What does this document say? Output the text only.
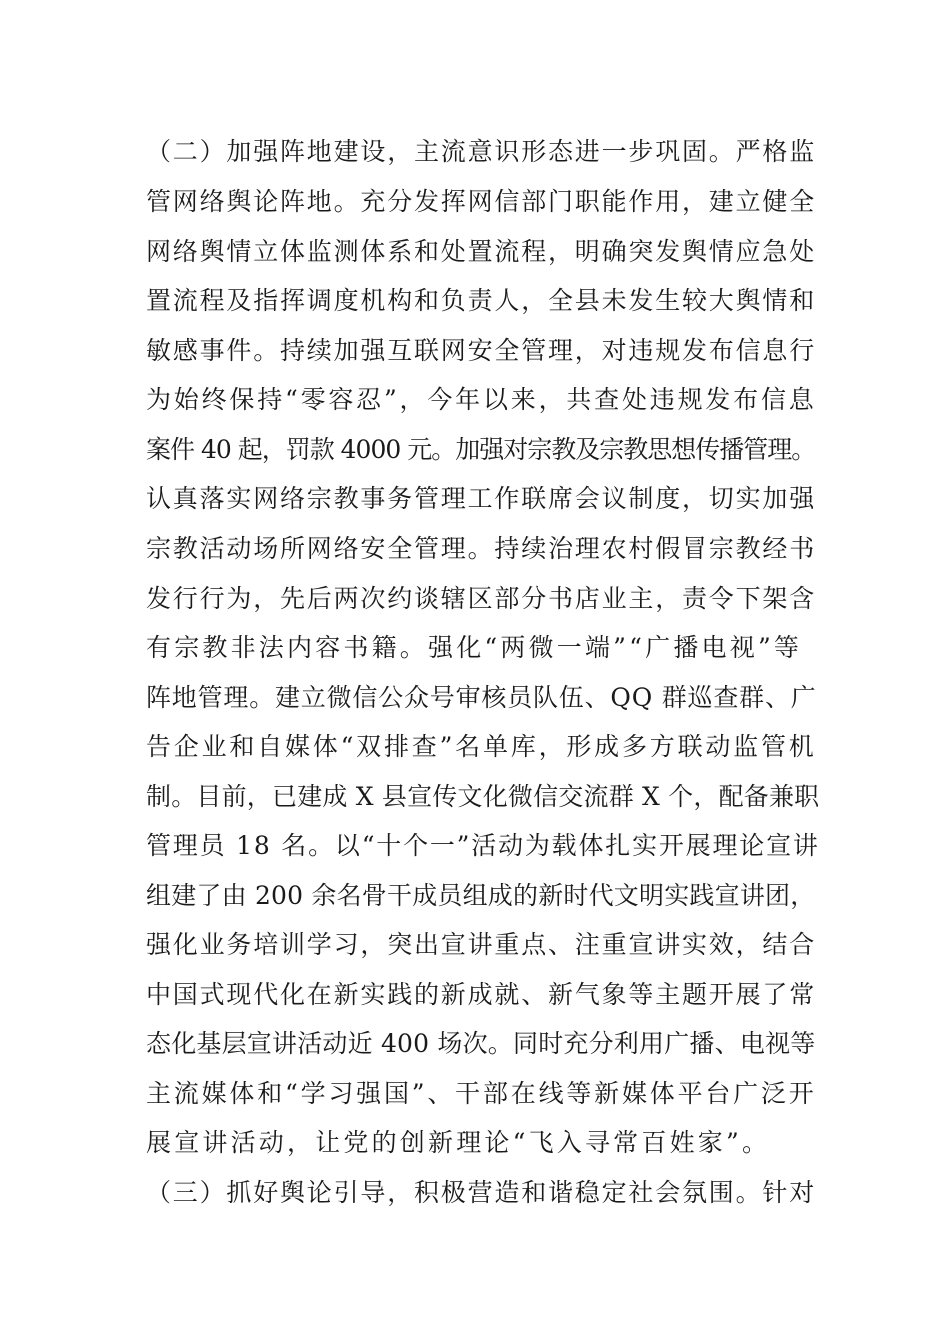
（二）加强阵地建设，主流意识形态进一步巩固。严格监
管网络舆论阵地。充分发挥网信部门职能作用，建立健全
网络舆情立体监测体系和处置流程，明确突发舆情应急处
置流程及指挥调度机构和负责人，全县未发生较大舆情和
敏感事件。持续加强互联网安全管理，对违规发布信息行
为始终保持“零容忍”，今年以来，共查处违规发布信息
案件 40 起，罚款 4000 元。加强对宗教及宗教思想传播管理。
认真落实网络宗教事务管理工作联席会议制度，切实加强
宗教活动场所网络安全管理。持续治理农村假冒宗教经书
发行行为，先后两次约谈辖区部分书店业主，责令下架含
有宗教非法内容书籍。强化“两微一端”“广播电视”等
阵地管理。建立微信公众号审核员队伍、QQ 群巡查群、广
告企业和自媒体“双排查”名单库，形成多方联动监管机
制。目前，已建成 X 县宣传文化微信交流群 X 个，配备兼职
管理员 18 名。以“十个一”活动为载体扎实开展理论宣讲
组建了由 200 余名骨干成员组成的新时代文明实践宣讲团，
强化业务培训学习，突出宣讲重点、注重宣讲实效，结合
中国式现代化在新实践的新成就、新气象等主题开展了常
态化基层宣讲活动近 400 场次。同时充分利用广播、电视等
主流媒体和“学习强国”、干部在线等新媒体平台广泛开
展宣讲活动，让党的创新理论“飞入寻常百姓家”。
（三）抓好舆论引导，积极营造和谐稳定社会氛围。针对
